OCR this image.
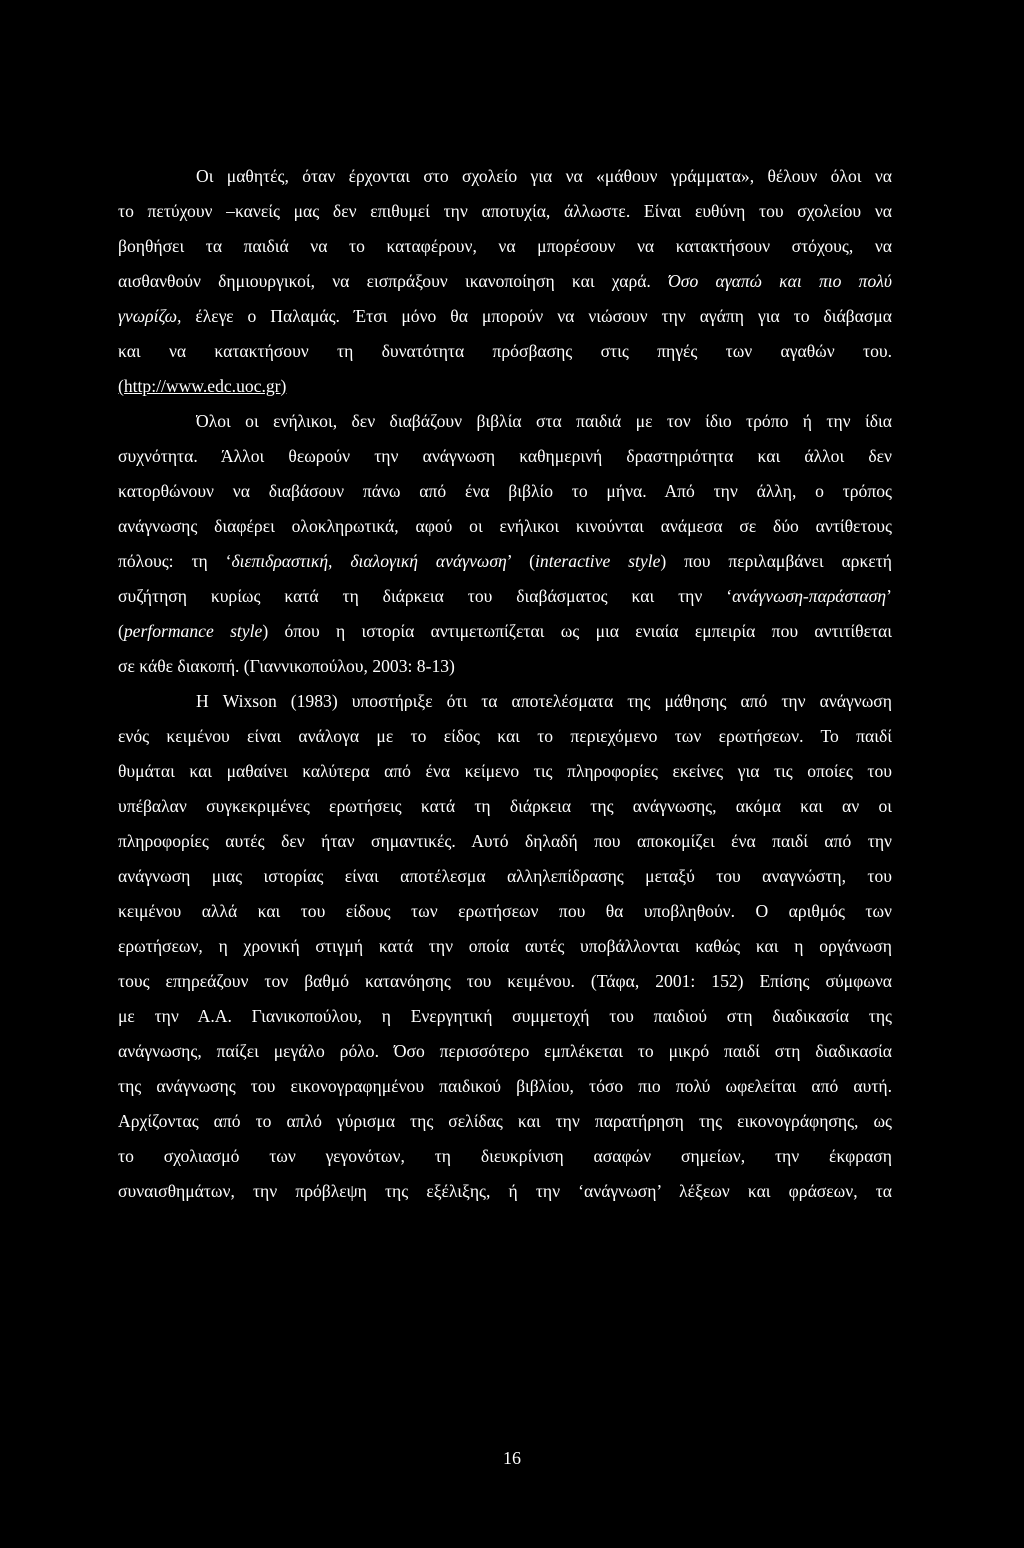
Οι μαθητές, όταν έρχονται στο σχολείο για να «μάθουν γράμματα», θέλουν όλοι να
το πετύχουν –κανείς μας δεν επιθυμεί την αποτυχία, άλλωστε. Είναι ευθύνη του σχολείου να
βοηθήσει τα παιδιά να το καταφέρουν, να μπορέσουν να κατακτήσουν στόχους, να
αισθανθούν δημιουργικοί, να εισπράξουν ικανοποίηση και χαρά. Όσο αγαπώ και πιο πολύ
γνωρίζω, έλεγε ο Παλαμάς. Έτσι μόνο θα μπορούν να νιώσουν την αγάπη για το διάβασμα
και να κατακτήσουν τη δυνατότητα πρόσβασης στις πηγές των αγαθών του.
(http://www.edc.uoc.gr)
Όλοι οι ενήλικοι, δεν διαβάζουν βιβλία στα παιδιά με τον ίδιο τρόπο ή την ίδια
συχνότητα. Άλλοι θεωρούν την ανάγνωση καθημερινή δραστηριότητα και άλλοι δεν
κατορθώνουν να διαβάσουν πάνω από ένα βιβλίο το μήνα. Από την άλλη, ο τρόπος
ανάγνωσης διαφέρει ολοκληρωτικά, αφού οι ενήλικοι κινούνται ανάμεσα σε δύο αντίθετους
πόλους: τη ‘διεπιδραστική, διαλογική ανάγνωση’ (interactive style) που περιλαμβάνει αρκετή
συζήτηση κυρίως κατά τη διάρκεια του διαβάσματος και την ‘ανάγνωση-παράσταση’
(performance style) όπου η ιστορία αντιμετωπίζεται ως μια ενιαία εμπειρία που αντιτίθεται
σε κάθε διακοπή. (Γιαννικοπούλου, 2003: 8-13)
Η Wixson (1983) υποστήριξε ότι τα αποτελέσματα της μάθησης από την ανάγνωση
ενός κειμένου είναι ανάλογα με το είδος και το περιεχόμενο των ερωτήσεων. Το παιδί
θυμάται και μαθαίνει καλύτερα από ένα κείμενο τις πληροφορίες εκείνες για τις οποίες του
υπέβαλαν συγκεκριμένες ερωτήσεις κατά τη διάρκεια της ανάγνωσης, ακόμα και αν οι
πληροφορίες αυτές δεν ήταν σημαντικές. Αυτό δηλαδή που αποκομίζει ένα παιδί από την
ανάγνωση μιας ιστορίας είναι αποτέλεσμα αλληλεπίδρασης μεταξύ του αναγνώστη, του
κειμένου αλλά και του είδους των ερωτήσεων που θα υποβληθούν. Ο αριθμός των
ερωτήσεων, η χρονική στιγμή κατά την οποία αυτές υποβάλλονται καθώς και η οργάνωση
τους επηρεάζουν τον βαθμό κατανόησης του κειμένου. (Τάφα, 2001: 152) Επίσης σύμφωνα
με την Α.Α. Γιανικοπούλου, η Ενεργητική συμμετοχή του παιδιού στη διαδικασία της
ανάγνωσης, παίζει μεγάλο ρόλο. Όσο περισσότερο εμπλέκεται το μικρό παιδί στη διαδικασία
της ανάγνωσης του εικονογραφημένου παιδικού βιβλίου, τόσο πιο πολύ ωφελείται από αυτή.
Αρχίζοντας από το απλό γύρισμα της σελίδας και την παρατήρηση της εικονογράφησης, ως
το σχολιασμό των γεγονότων, τη διευκρίνιση ασαφών σημείων, την έκφραση
συναισθημάτων, την πρόβλεψη της εξέλιξης, ή την ‘ανάγνωση’ λέξεων και φράσεων, τα
16
